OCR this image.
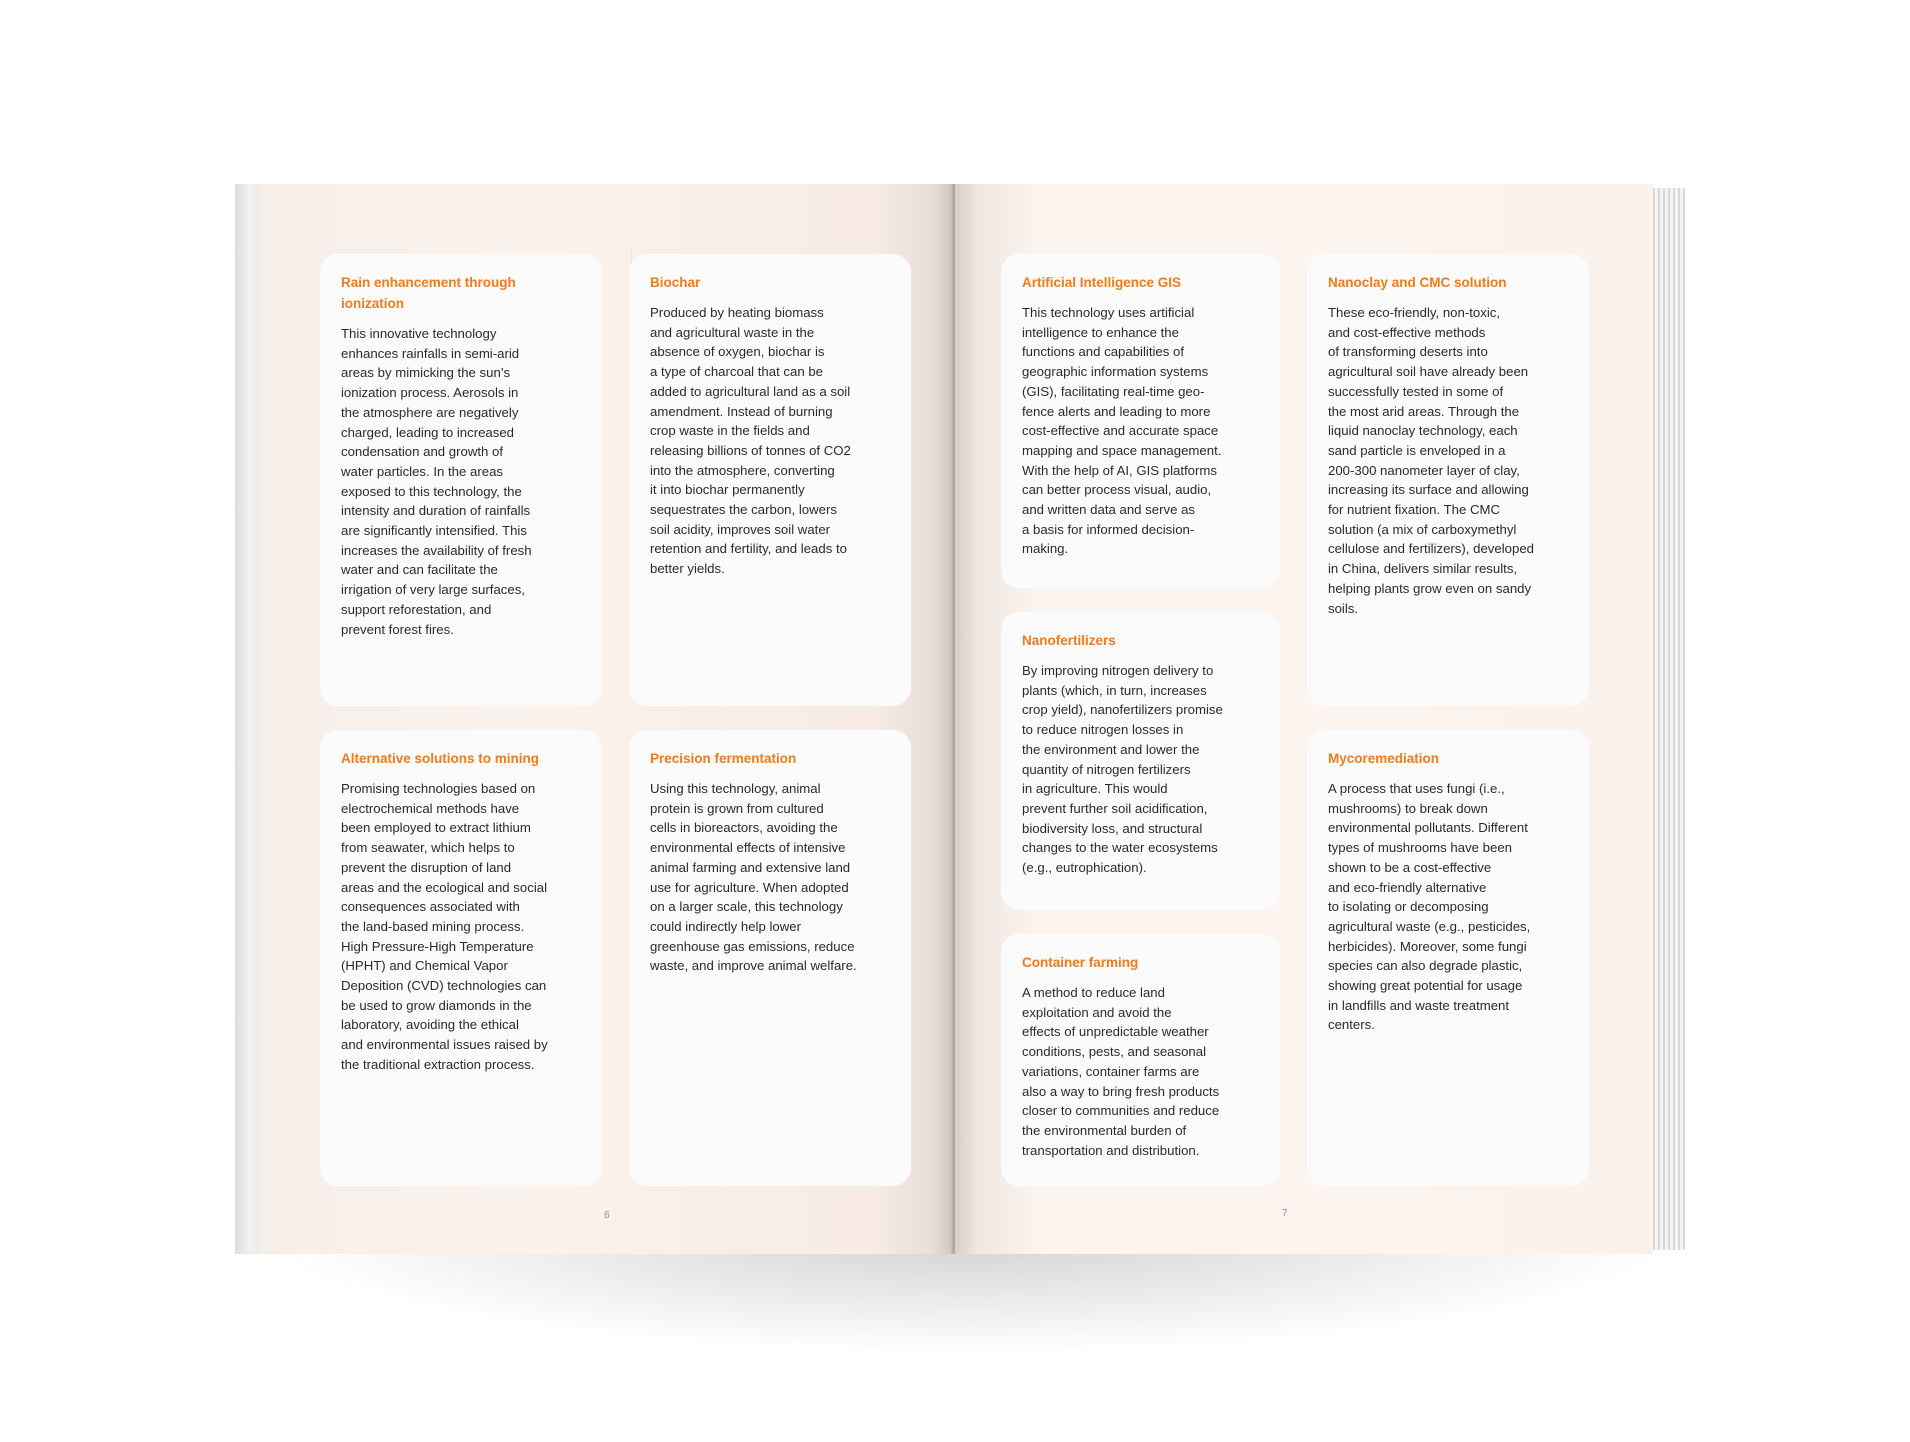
Rain enhancement through
ionization

This innovative technology
enhances rainfalls in semi-arid
areas by mimicking the sun’s
ionization process. Aerosols in
the atmosphere are negatively
charged, leading to increased
condensation and growth of
water particles. In the areas
exposed to this technology, the
intensity and duration of rainfalls
are significantly intensified. This
increases the availability of fresh
water and can facilitate the
irrigation of very large surfaces,
support reforestation, and
prevent forest fires.

Biochar

Produced by heating biomass
and agricultural waste in the
absence of oxygen, biochar is
a type of charcoal that can be
added to agricultural land as a soil
amendment. Instead of burning
crop waste in the fields and
releasing billions of tonnes of CO2
into the atmosphere, converting
it into biochar permanently
sequestrates the carbon, lowers
soil acidity, improves soil water
retention and fertility, and leads to
better yields.

Alternative solutions to mining

Promising technologies based on
electrochemical methods have
been employed to extract lithium
from seawater, which helps to
prevent the disruption of land
areas and the ecological and social
consequences associated with
the land-based mining process.
High Pressure-High Temperature
(HPHT) and Chemical Vapor
Deposition (CVD) technologies can
be used to grow diamonds in the
laboratory, avoiding the ethical
and environmental issues raised by
the traditional extraction process.

Precision fermentation

Using this technology, animal
protein is grown from cultured
cells in bioreactors, avoiding the
environmental effects of intensive
animal farming and extensive land
use for agriculture. When adopted
on a larger scale, this technology
could indirectly help lower
greenhouse gas emissions, reduce
waste, and improve animal welfare.

6
Artificial Intelligence GIS

This technology uses artificial
intelligence to enhance the
functions and capabilities of
geographic information systems
(GIS), facilitating real-time geo-
fence alerts and leading to more
cost-effective and accurate space
mapping and space management.
With the help of AI, GIS platforms
can better process visual, audio,
and written data and serve as
a basis for informed decision-
making.

Nanoclay and CMC solution

These eco-friendly, non-toxic,
and cost-effective methods
of transforming deserts into
agricultural soil have already been
successfully tested in some of
the most arid areas. Through the
liquid nanoclay technology, each
sand particle is enveloped in a
200-300 nanometer layer of clay,
increasing its surface and allowing
for nutrient fixation. The CMC
solution (a mix of carboxymethyl
cellulose and fertilizers), developed
in China, delivers similar results,
helping plants grow even on sandy
soils.

Nanofertilizers

By improving nitrogen delivery to
plants (which, in turn, increases
crop yield), nanofertilizers promise
to reduce nitrogen losses in
the environment and lower the
quantity of nitrogen fertilizers
in agriculture. This would
prevent further soil acidification,
biodiversity loss, and structural
changes to the water ecosystems
(e.g., eutrophication).

Container farming

A method to reduce land
exploitation and avoid the
effects of unpredictable weather
conditions, pests, and seasonal
variations, container farms are
also a way to bring fresh products
closer to communities and reduce
the environmental burden of
transportation and distribution.

Mycoremediation

A process that uses fungi (i.e.,
mushrooms) to break down
environmental pollutants. Different
types of mushrooms have been
shown to be a cost-effective
and eco-friendly alternative
to isolating or decomposing
agricultural waste (e.g., pesticides,
herbicides). Moreover, some fungi
species can also degrade plastic,
showing great potential for usage
in landfills and waste treatment
centers.

7
